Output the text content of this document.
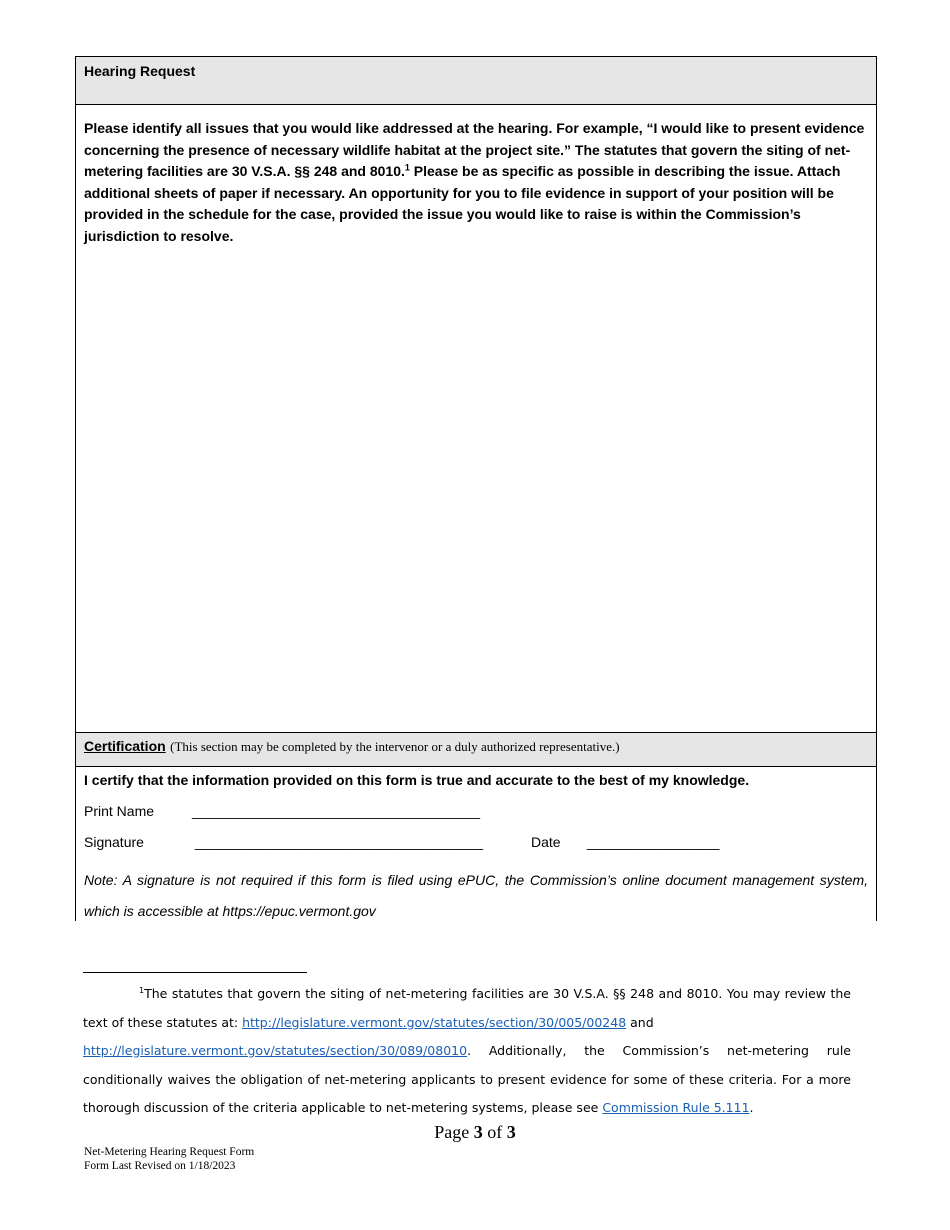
Hearing Request
Please identify all issues that you would like addressed at the hearing. For example, “I would like to present evidence concerning the presence of necessary wildlife habitat at the project site.” The statutes that govern the siting of net-metering facilities are 30 V.S.A. §§ 248 and 8010.$^1$ Please be as specific as possible in describing the issue. Attach additional sheets of paper if necessary. An opportunity for you to file evidence in support of your position will be provided in the schedule for the case, provided the issue you would like to raise is within the Commission’s jurisdiction to resolve.
Certification (This section may be completed by the intervenor or a duly authorized representative.)
I certify that the information provided on this form is true and accurate to the best of my knowledge.
Print Name	_____________________________________
Signature	_____________________________________	Date _________________
Note: A signature is not required if this form is filed using ePUC, the Commission’s online document management system, which is accessible at https://epuc.vermont.gov
$^1$The statutes that govern the siting of net-metering facilities are 30 V.S.A. §§ 248 and 8010. You may review the text of these statutes at: http://legislature.vermont.gov/statutes/section/30/005/00248 and
http://legislature.vermont.gov/statutes/section/30/089/08010. Additionally, the Commission’s net-metering rule conditionally waives the obligation of net-metering applicants to present evidence for some of these criteria. For a more thorough discussion of the criteria applicable to net-metering systems, please see Commission Rule 5.111.
Page 3 of 3
Net-Metering Hearing Request Form
Form Last Revised on 1/18/2023
